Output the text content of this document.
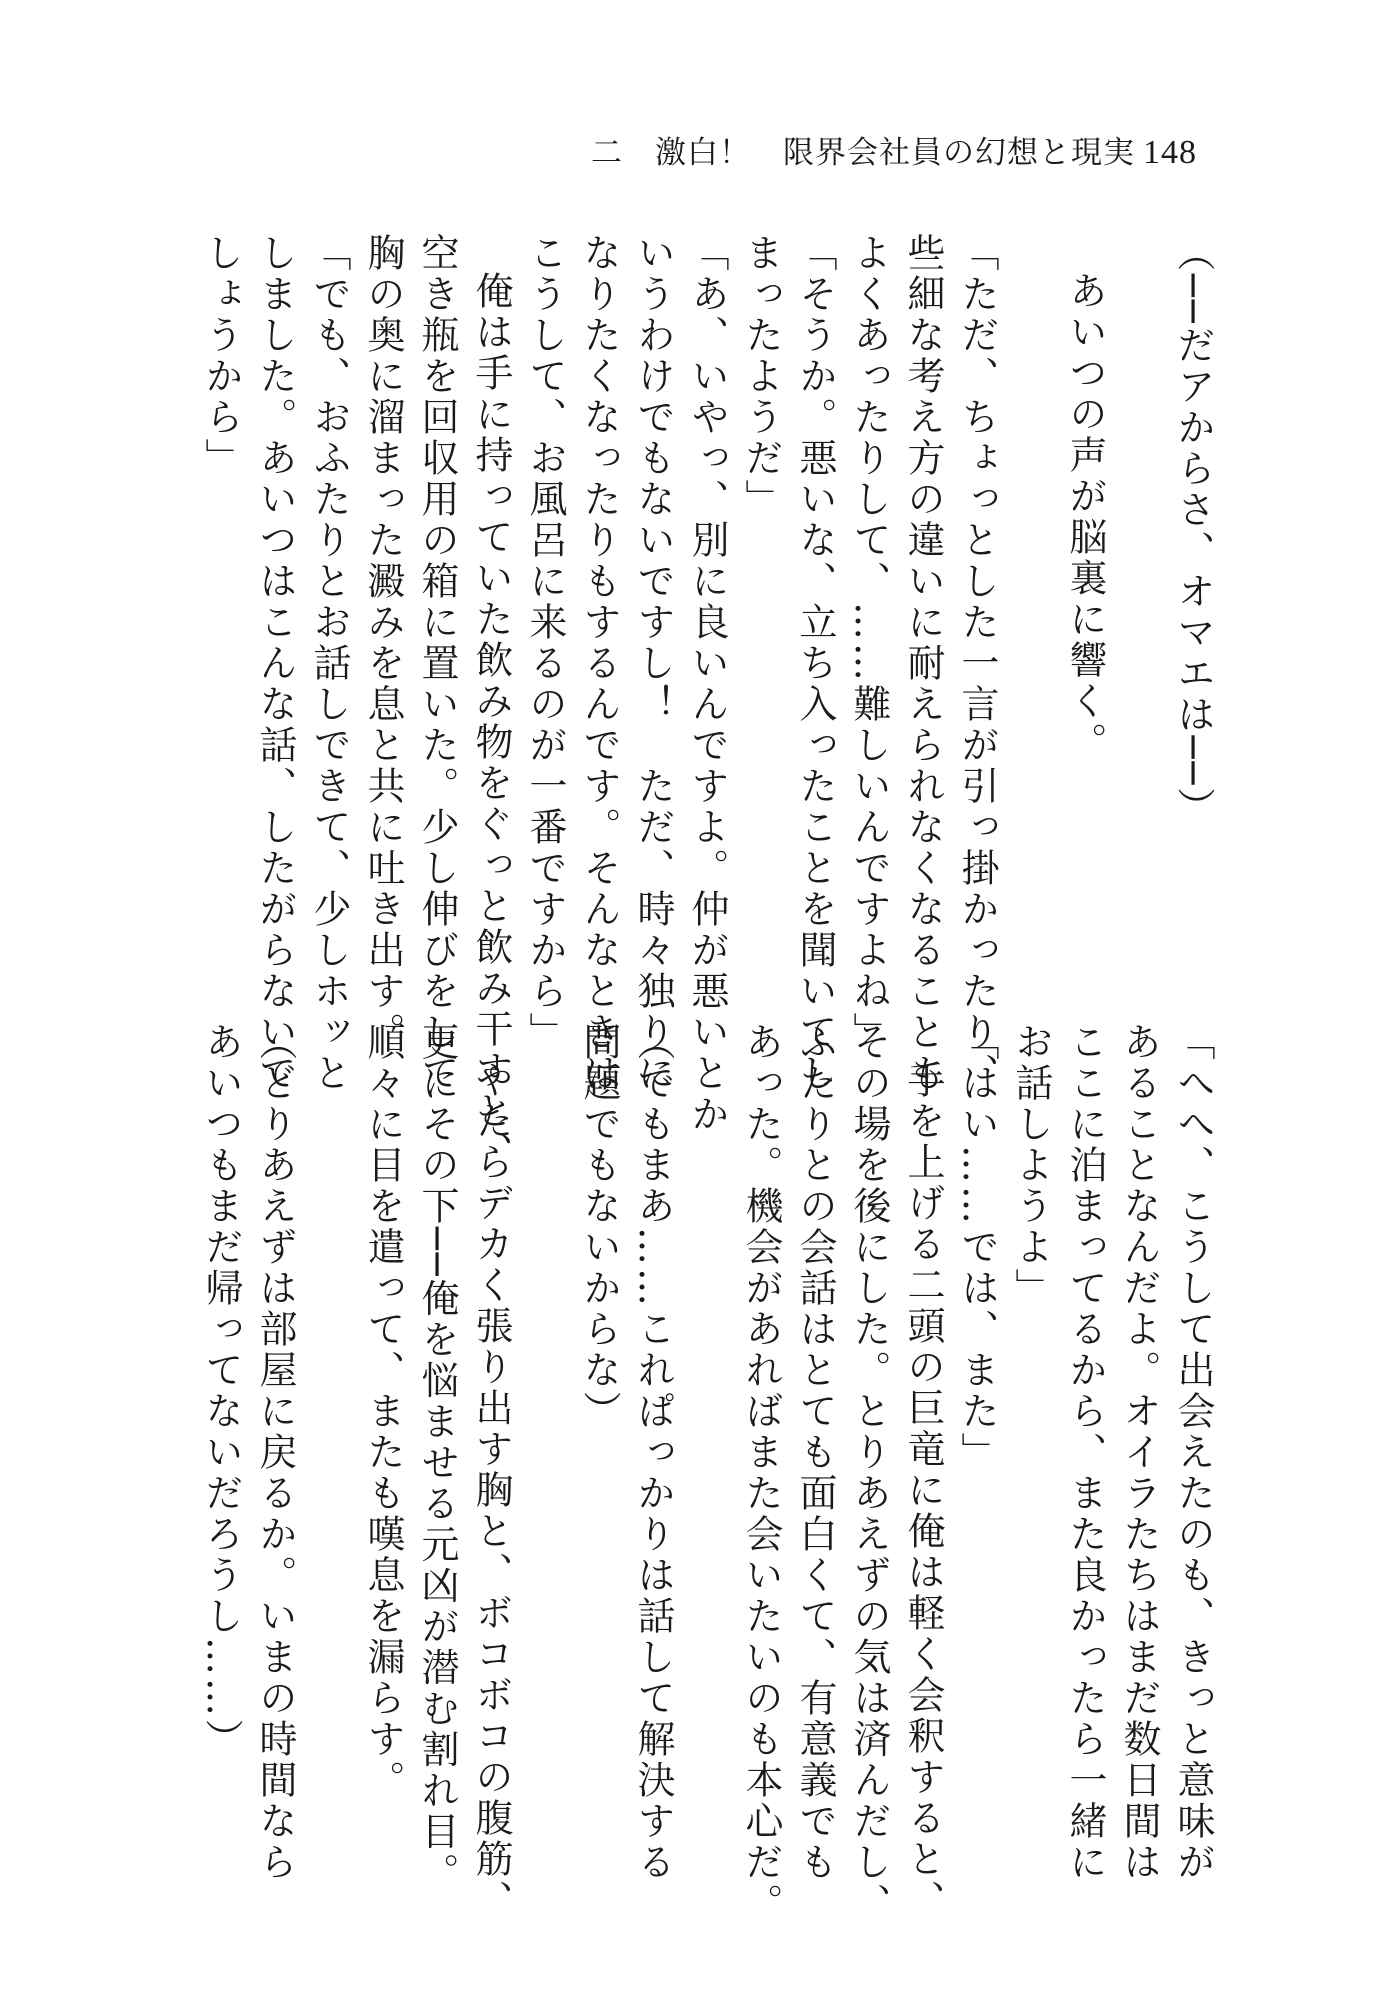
二　激白！　限界会社員の幻想と現実 148

（──だアからさ、オマエは──）

あいつの声が脳裏に響く。

「ただ、ちょっとした一言が引っ掛かったり、

些細な考え方の違いに耐えられなくなることも

よくあったりして、……難しいんですよね」

「そうか。悪いな、立ち入ったことを聞いてし

まったようだ」

「あ、いやっ、別に良いんですよ。仲が悪いとか

いうわけでもないですし！　ただ、時々独りに

なりたくなったりもするんです。そんなときは

こうして、お風呂に来るのが一番ですから」

俺は手に持っていた飲み物をぐっと飲み干すと、

空き瓶を回収用の箱に置いた。少し伸びをして

胸の奥に溜まった澱みを息と共に吐き出す。

「でも、おふたりとお話しできて、少しホッと

しました。あいつはこんな話、したがらないで

しょうから」

「へへ、こうして出会えたのも、きっと意味が

あることなんだよ。オイラたちはまだ数日間は

ここに泊まってるから、また良かったら一緒に

お話しようよ」

「はい……では、また」

手を上げる二頭の巨竜に俺は軽く会釈すると、

その場を後にした。とりあえずの気は済んだし、

ふたりとの会話はとても面白くて、有意義でも

あった。機会があればまた会いたいのも本心だ。

（でもまあ……これぱっかりは話して解決する

問題でもないからな）

やたらデカく張り出す胸と、ボコボコの腹筋、

更にその下──俺を悩ませる元凶が潜む割れ目。

順々に目を遣って、またも嘆息を漏らす。

（とりあえずは部屋に戻るか。いまの時間なら

あいつもまだ帰ってないだろうし……）
